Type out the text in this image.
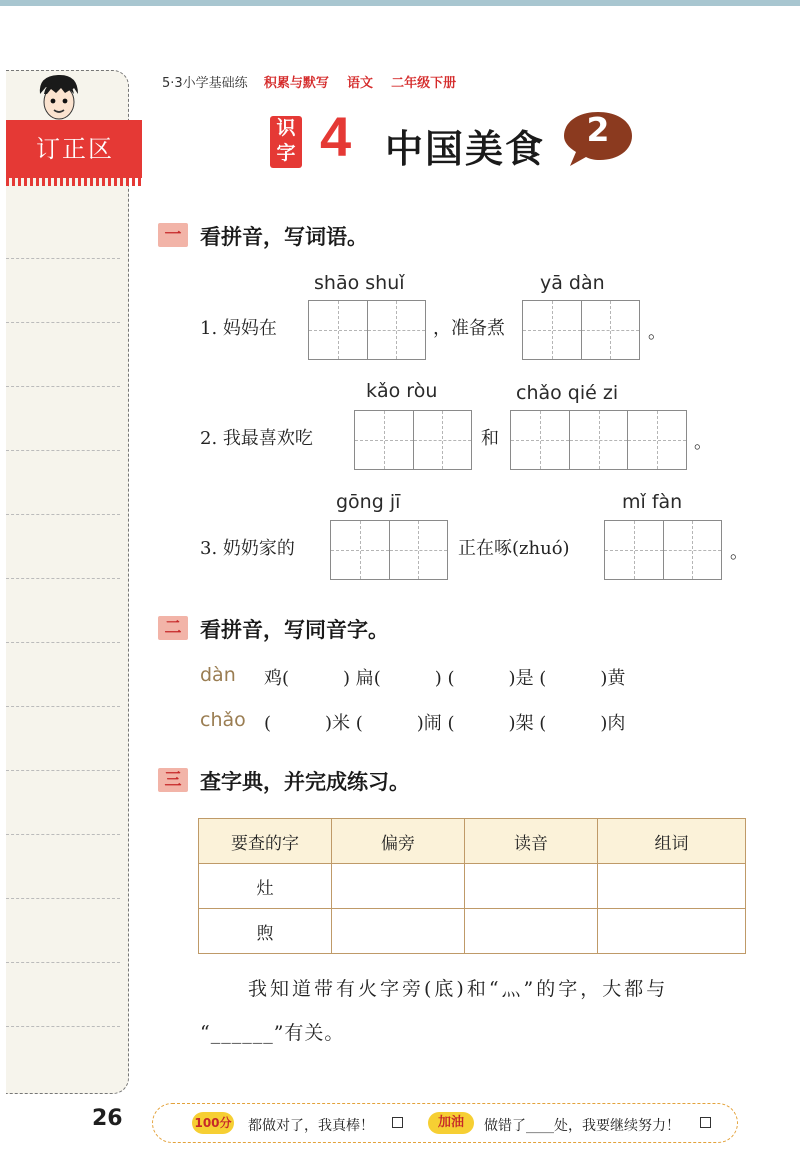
订正区
5·3小学基础练 积累与默写 语文 二年级下册
识字 4 中国美食 2
一 看拼音，写词语。
shāo shuǐ	yā dàn
1. 妈妈在	，准备煮	。
kǎo ròu	chǎo qié zi
2. 我最喜欢吃	和	。
gōng jī	mǐ fàn
3. 奶奶家的	正在啄(zhuó)	。
二 看拼音，写同音字。
dàn 鸡(　　　) 扁(　　　) (　　　)是 (　　　)黄
chǎo (　　　)米 (　　　)闹 (　　　)架 (　　　)肉
三 查字典，并完成练习。
要查的字	偏旁	读音	组词
灶			
煦			
我知道带有火字旁(底)和“灬”的字，大都与
“______”有关。
26	100分 都做对了，我真棒！	加油	做错了____处，我要继续努力！
